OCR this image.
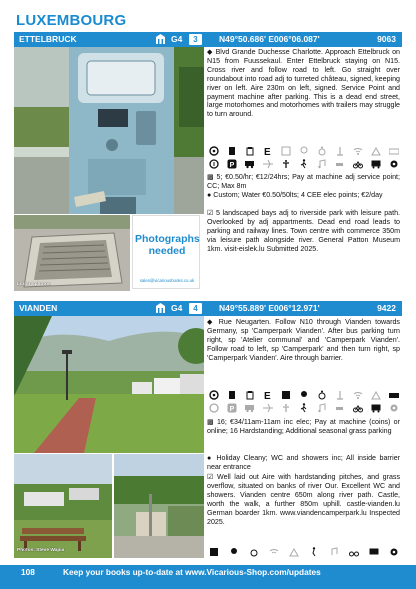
LUXEMBOURG
ETTELBRUCK	G4	3	N49°50.686' E006°06.087'	9063
Library photos
Photographs needed
sales@vicariousbooks.co.uk
◆ Blvd Grande Duchesse Charlotte. Approach Ettelbruck on N15 from Fuussekaul. Enter Ettelbruck staying on N15. Cross river and follow road to left. Go straight over roundabout into road adj to turreted château, signed, keeping river on left. Aire 230m on left, signed. Service Point and payment machine after parking. This is a dead end street, large motorhomes and motorhomes with trailers may struggle to turn around.
E
P
▩ 5; €0.50/hr; €12/24hrs; Pay at machine adj service point; CC; Max 8m
● Custom; Water €0.50/50lts; 4 CEE elec points; €2/day
☑ 5 landscaped bays adj to riverside park with leisure path. Overlooked by adj appartments. Dead end road leads to parking and railway lines. Town centre with commerce 350m via leisure path alongside river. General Patton Museum 1km. visit-eislek.lu Submitted 2025.
VIANDEN	G4	4	N49°55.889' E006°12.971'	9422
Photos: Steve Wapia
◆ Rue Neugarten. Follow N10 through Vianden towards Germany, sp 'Camperpark Vianden'. After bus parking turn right, sp 'Atelier communal' and 'Camperpark Vianden'. Follow road to left, sp 'Camperpark' and then turn right, sp 'Camperpark Vianden'. Aire through barrier.
E
P
▩ 16; €34/11am-11am inc elec; Pay at machine (coins) or online; 16 Hardstanding; Additional seasonal grass parking
● Holiday Cleany; WC and showers inc; All inside barrier near entrance
☑ Well laid out Aire with hardstanding pitches, and grass overflow, situated on banks of river Our. Excellent WC and showers. Vianden centre 650m along river path. Castle, worth the walk, a further 850m uphill. castle-vianden.lu German boarder 1km. www.viandencamperpark.lu Inspected 2025.
108	Keep your books up-to-date at www.Vicarious-Shop.com/updates
